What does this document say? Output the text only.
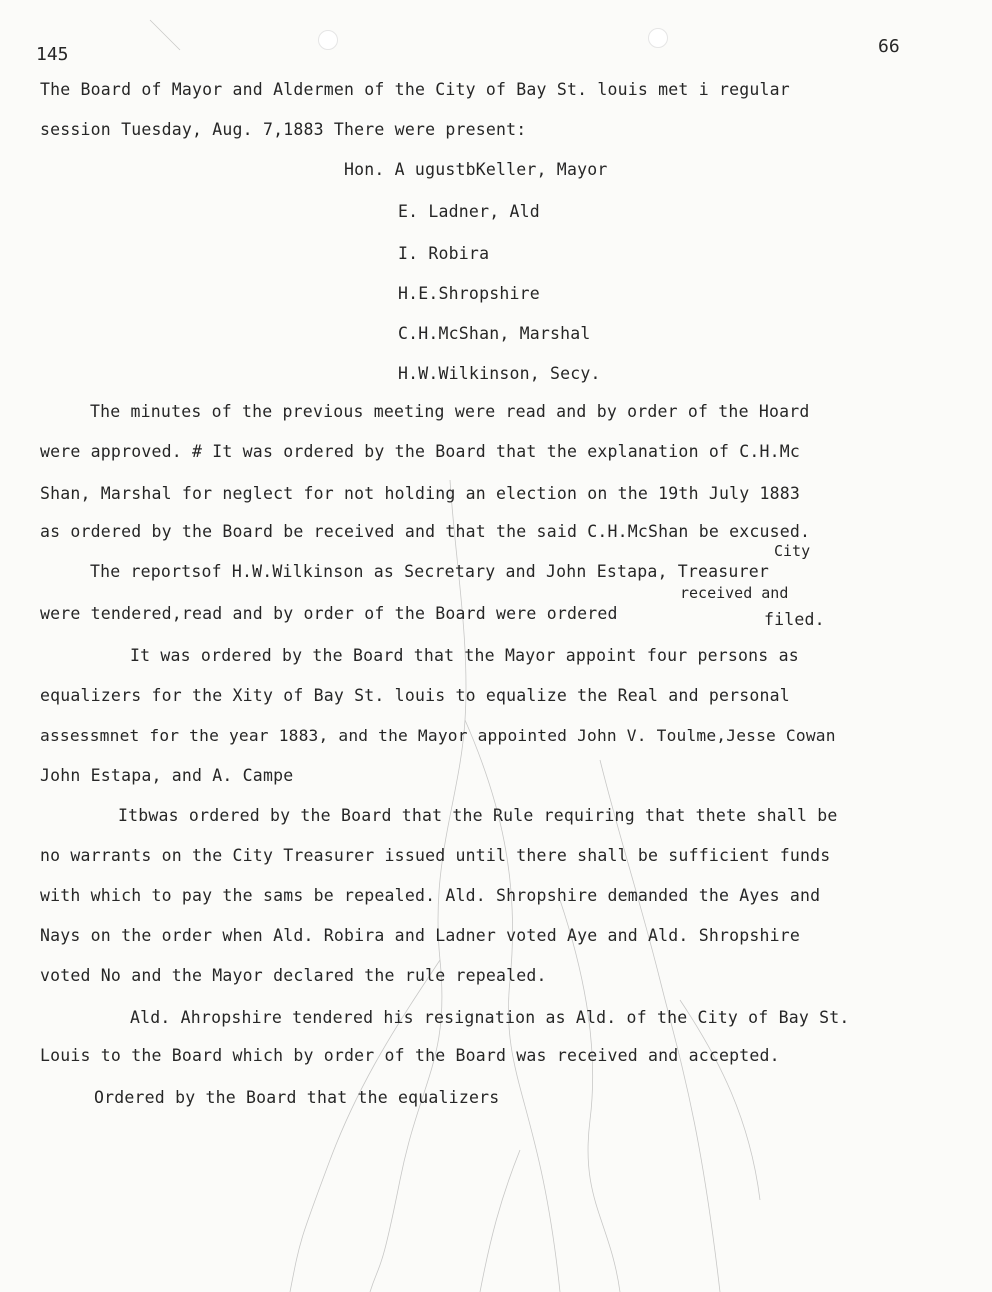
145	66
The Board of Mayor and Aldermen of the City of Bay St. louis met i regular
session Tuesday, Aug. 7,1883 There were present:
Hon. A ugustbKeller, Mayor
E. Ladner, Ald
I. Robira
H.E.Shropshire
C.H.McShan, Marshal
H.W.Wilkinson, Secy.
The minutes of the previous meeting were read and by order of the Hoard
were approved. # It was ordered by the Board that the explanation of C.H.Mc
Shan, Marshal for neglect for not holding an election on the 19th July 1883
as ordered by the Board be received and that the said C.H.McShan be excused.
City
received and
The reportsof H.W.Wilkinson as Secretary and John Estapa, Treasurer
were tendered,read and by order of the Board were ordered	filed.
It was ordered by the Board that the Mayor appoint four persons as
equalizers for the Xity of Bay St. louis to equalize the Real and personal
assessmnet for the year 1883, and the Mayor appointed John V. Toulme,Jesse Cowan
John Estapa, and A. Campe
Itbwas ordered by the Board that the Rule requiring that thete shall be
no warrants on the City Treasurer issued until there shall be sufficient funds
with which to pay the sams be repealed. Ald. Shropshire demanded the Ayes and
Nays on the order when Ald. Robira and Ladner voted Aye and Ald. Shropshire
voted No and the Mayor declared the rule repealed.
Ald. Ahropshire tendered his resignation as Ald. of the City of Bay St.
Louis to the Board which by order of the Board was received and accepted.
Ordered by the Board that the equalizers
